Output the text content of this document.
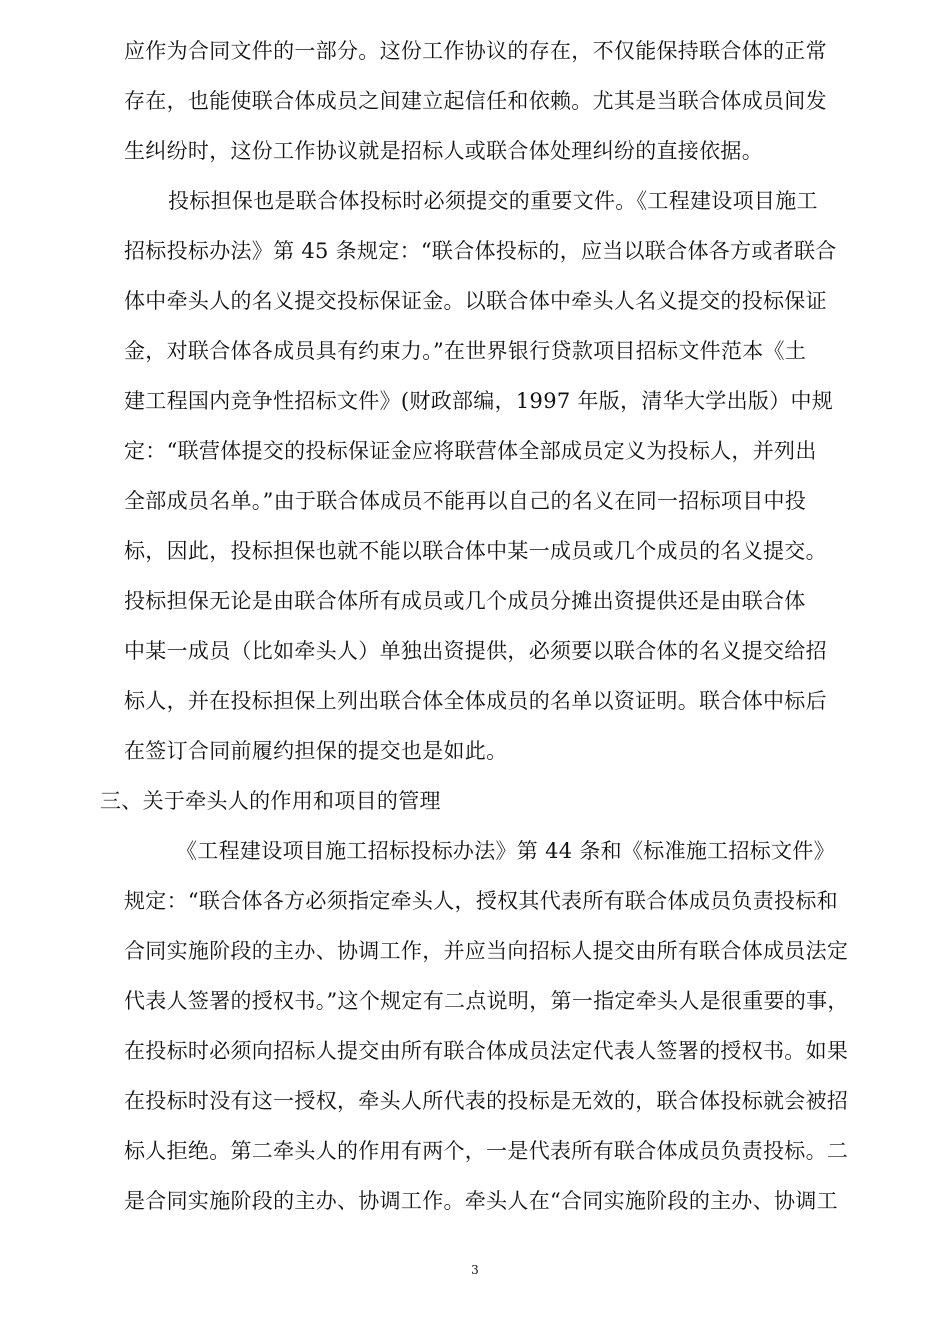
应作为合同文件的一部分。这份工作协议的存在，不仅能保持联合体的正常
存在，也能使联合体成员之间建立起信任和依赖。尤其是当联合体成员间发
生纠纷时，这份工作协议就是招标人或联合体处理纠纷的直接依据。
投标担保也是联合体投标时必须提交的重要文件。《工程建设项目施工
招标投标办法》第 45 条规定：“联合体投标的，应当以联合体各方或者联合
体中牵头人的名义提交投标保证金。以联合体中牵头人名义提交的投标保证
金，对联合体各成员具有约束力。”在世界银行贷款项目招标文件范本《土
建工程国内竞争性招标文件》(财政部编，1997 年版，清华大学出版）中规
定：“联营体提交的投标保证金应将联营体全部成员定义为投标人，并列出
全部成员名单。”由于联合体成员不能再以自己的名义在同一招标项目中投
标，因此，投标担保也就不能以联合体中某一成员或几个成员的名义提交。
投标担保无论是由联合体所有成员或几个成员分摊出资提供还是由联合体
中某一成员（比如牵头人）单独出资提供，必须要以联合体的名义提交给招
标人，并在投标担保上列出联合体全体成员的名单以资证明。联合体中标后
在签订合同前履约担保的提交也是如此。
三、关于牵头人的作用和项目的管理
《工程建设项目施工招标投标办法》第 44 条和《标准施工招标文件》
规定：“联合体各方必须指定牵头人，授权其代表所有联合体成员负责投标和
合同实施阶段的主办、协调工作，并应当向招标人提交由所有联合体成员法定
代表人签署的授权书。”这个规定有二点说明，第一指定牵头人是很重要的事，
在投标时必须向招标人提交由所有联合体成员法定代表人签署的授权书。如果
在投标时没有这一授权，牵头人所代表的投标是无效的，联合体投标就会被招
标人拒绝。第二牵头人的作用有两个，一是代表所有联合体成员负责投标。二
是合同实施阶段的主办、协调工作。牵头人在“合同实施阶段的主办、协调工
3
